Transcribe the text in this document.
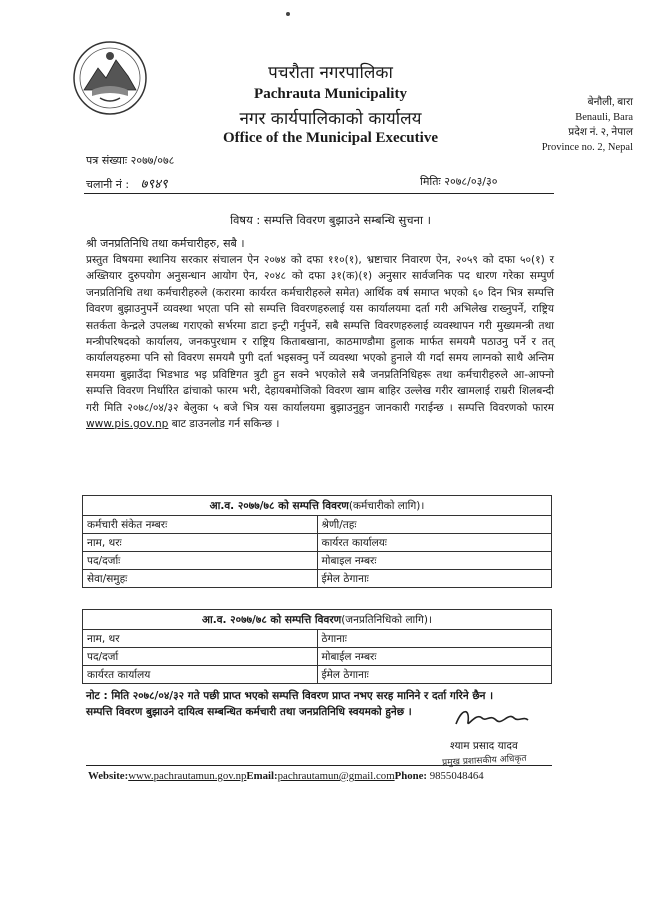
पचरौता नगरपालिका
Pachrauta Municipality
नगर कार्यपालिकाको कार्यालय
Office of the Municipal Executive
बेनौली, बारा
Benauli, Bara
प्रदेश नं. २, नेपाल
Province no. 2, Nepal
पत्र संख्याः २०७७/०७८
चलानी नं : ७९४९	मितिः २०७८/०३/३०
विषय : सम्पत्ति विवरण बुझाउने सम्बन्धि सुचना ।
श्री जनप्रतिनिधि तथा कर्मचारीहरु, सबै ।
प्रस्तुत विषयमा स्थानिय सरकार संचालन ऐन २०७४ को दफा ११०(१), भ्रष्टाचार निवारण ऐन, २०५९ को दफा ५०(१) र अख्तियार दुरुपयोग अनुसन्धान आयोग ऐन, २०४८ को दफा ३१(क)(१) अनुसार सार्वजनिक पद धारण गरेका सम्पुर्ण जनप्रतिनिधि तथा कर्मचारीहरुले (करारमा कार्यरत कर्मचारीहरुले समेत) आर्थिक वर्ष समाप्त भएको ६० दिन भित्र सम्पत्ति विवरण बुझाउनुपर्ने व्यवस्था भएता पनि सो सम्पत्ति विवरणहरुलाई यस कार्यालयमा दर्ता गरी अभिलेख राख्नुपर्ने, राष्ट्रिय सतर्कता केन्द्रले उपलब्ध गराएको सर्भरमा डाटा इन्ट्री गर्नुपर्ने, सबै सम्पत्ति विवरणहरुलाई व्यवस्थापन गरी मुख्यमन्त्री तथा मन्त्रीपरिषदको कार्यालय, जनकपुरधाम र राष्ट्रिय किताबखाना, काठमाण्डौमा हुलाक मार्फत समयमै पठाउनु पर्ने र तत् कार्यालयहरुमा पनि सो विवरण समयमै पुगी दर्ता भइसक्नु पर्ने व्यवस्था भएको हुनाले यी गर्दा समय लाग्नको साथै अन्तिम समयमा बुझाउँदा भिडभाड भइ प्रविष्टिगत त्रुटी हुन सक्ने भएकोले सबै जनप्रतिनिधिहरू तथा कर्मचारीहरुले आ-आफ्नो सम्पत्ति विवरण निर्धारित ढांचाको फारम भरी, देहायबमोजिको विवरण खाम बाहिर उल्लेख गरीर खामलाई राम्ररी शिलबन्दी गरी मिति २०७८/०४/३२ बेलुका ५ बजे भित्र यस कार्यालयमा बुझाउनुहुन जानकारी गराईन्छ । सम्पत्ति विवरणको फारम www.pis.gov.np बाट डाउनलोड गर्न सकिन्छ ।
आ.व. २०७७/७८ को सम्पत्ति विवरण(कर्मचारीको लागि)।	
कर्मचारी संकेत नम्बरः	श्रेणी/तहः
नाम, थरः	कार्यरत कार्यालयः
पद/दर्जाः	मोबाइल नम्बरः
सेवा/समुहः	ईमेल ठेगानाः
आ.व. २०७७/७८ को सम्पत्ति विवरण(जनप्रतिनिधिको लागि)।	
नाम, थर	ठेगानाः
पद/दर्जा	मोबाईल नम्बरः
कार्यरत कार्यालय	ईमेल ठेगानाः
नोट : मिति २०७८/०४/३२ गते पछी प्राप्त भएको सम्पत्ति विवरण प्राप्त नभए सरह मानिने र दर्ता गरिने छैन ।
सम्पत्ति विवरण बुझाउने दायित्व सम्बन्धित कर्मचारी तथा जनप्रतिनिधि स्वयमको हुनेछ ।
श्याम प्रसाद यादव
प्रमुख प्रशासकीय अधिकृत
Website:www.pachrautamun.gov.npEmail:pachrautamun@gmail.comPhone: 9855048464
